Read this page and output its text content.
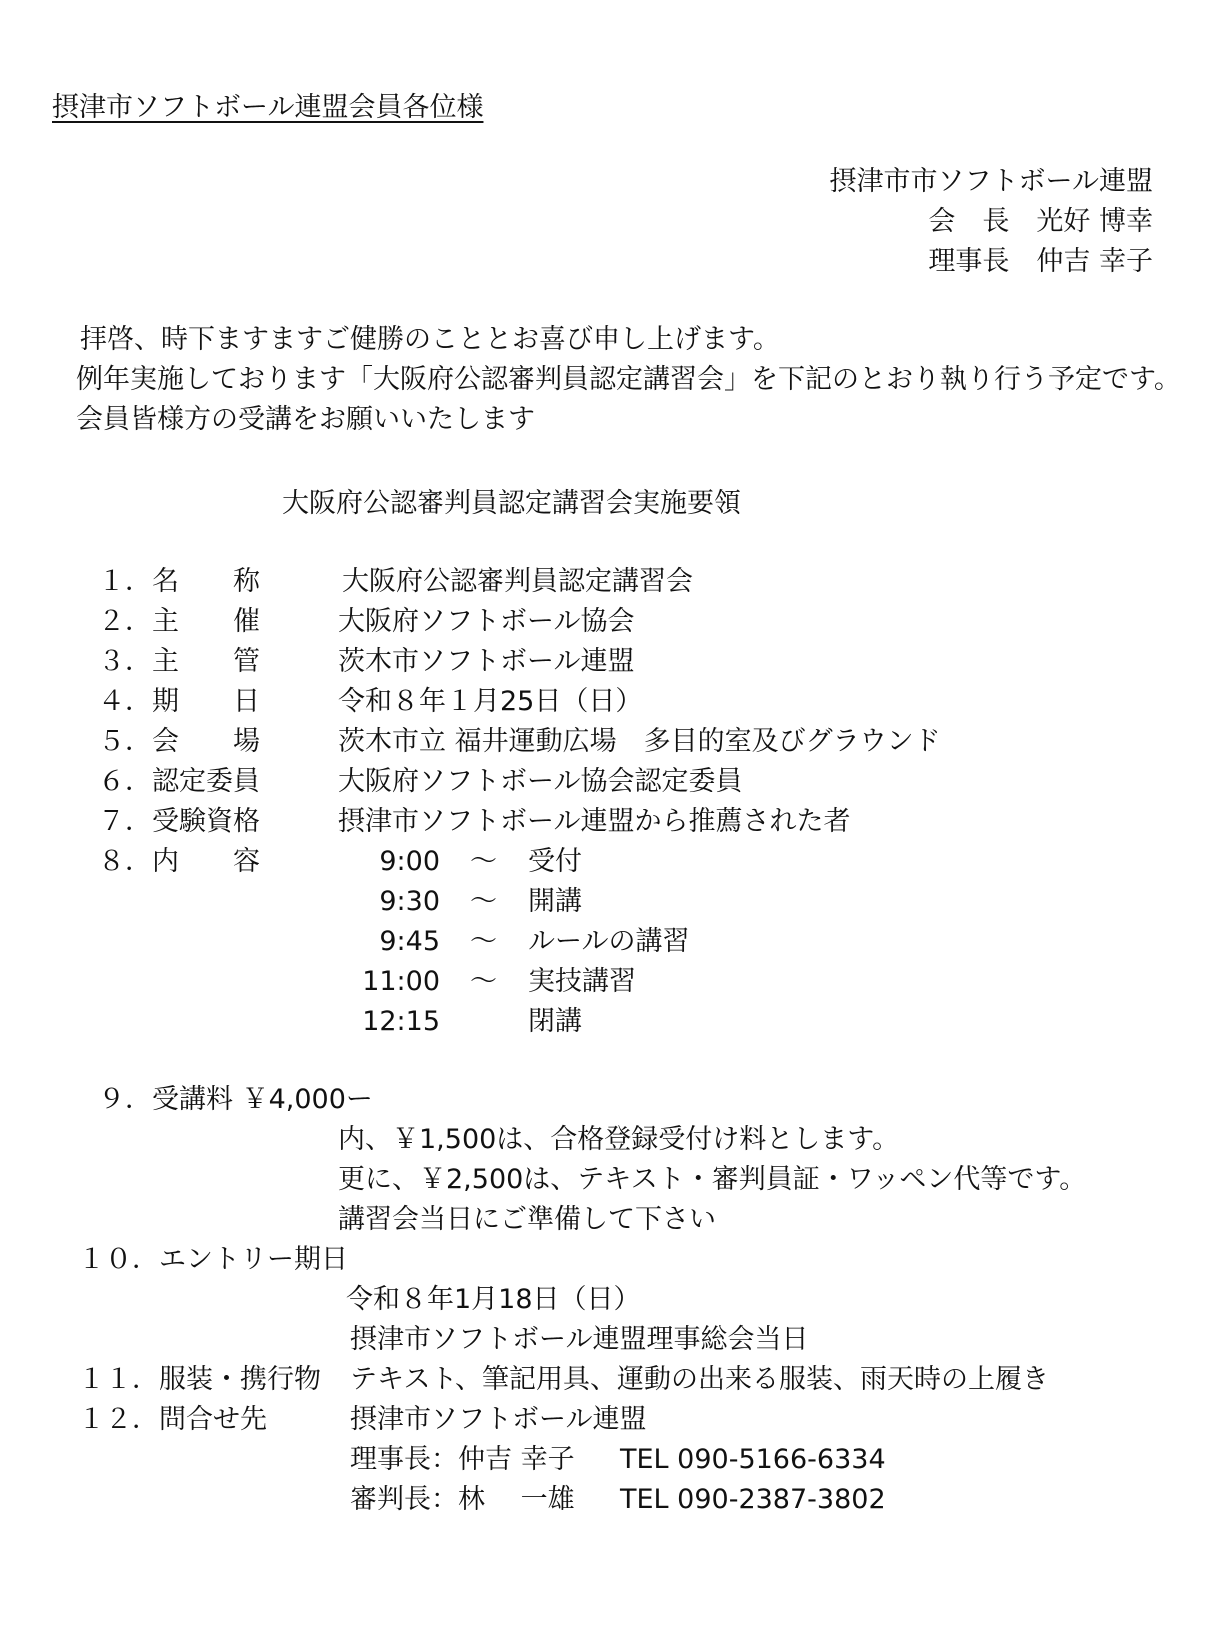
摂津市ソフトボール連盟会員各位様
摂津市市ソフトボール連盟
会　長　光好 博幸
理事長　仲吉 幸子
拝啓、時下ますますご健勝のこととお喜び申し上げます。
例年実施しております「大阪府公認審判員認定講習会」を下記のとおり執り行う予定です。
会員皆様方の受講をお願いいたします
大阪府公認審判員認定講習会実施要領
１．名　　称	大阪府公認審判員認定講習会
２．主　　催	大阪府ソフトボール協会
３．主　　管	茨木市ソフトボール連盟
４．期　　日	令和８年１月25日（日）
５．会　　場	茨木市立 福井運動広場　多目的室及びグラウンド
６．認定委員	大阪府ソフトボール協会認定委員
７．受験資格	摂津市ソフトボール連盟から推薦された者
８．内　　容	9:00 ～ 受付
9:30 ～ 開講
9:45 ～ ルールの講習
11:00 ～ 実技講習
12:15	閉講
９．受講料 ￥4,000ー
内、￥1,500は、合格登録受付け料とします。
更に、￥2,500は、テキスト・審判員証・ワッペン代等です。
講習会当日にご準備して下さい
１０．エントリー期日
令和８年1月18日（日）
摂津市ソフトボール連盟理事総会当日
１１．服装・携行物 テキスト、筆記用具、運動の出来る服装、雨天時の上履き
１２．問合せ先	摂津市ソフトボール連盟
理事長：仲吉 幸子 TEL 090-5166-6334
審判長：林　 一雄 TEL 090-2387-3802
